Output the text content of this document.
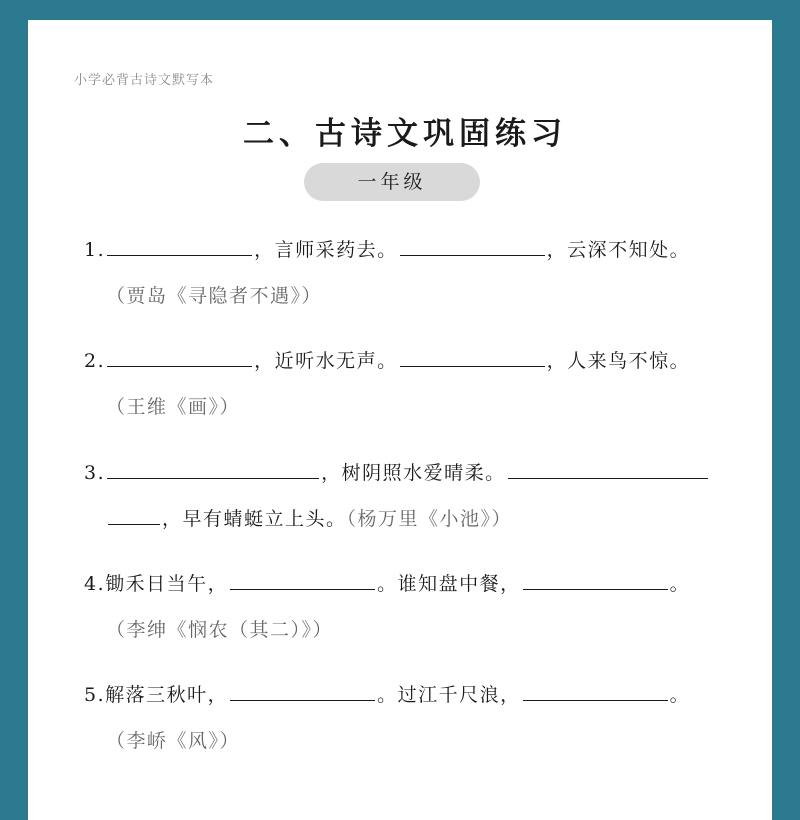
小学必背古诗文默写本
二、古诗文巩固练习
一年级
1.	，言师采药去。	，云深不知处。
（贾岛《寻隐者不遇》）
2.	，近听水无声。	，人来鸟不惊。
（王维《画》）
3.	，树阴照水爱晴柔。
，早有蜻蜓立上头。（杨万里《小池》）
4.锄禾日当午，	。谁知盘中餐，	。
（李绅《悯农（其二）》）
5.解落三秋叶，	。过江千尺浪，	。
（李峤《风》）
